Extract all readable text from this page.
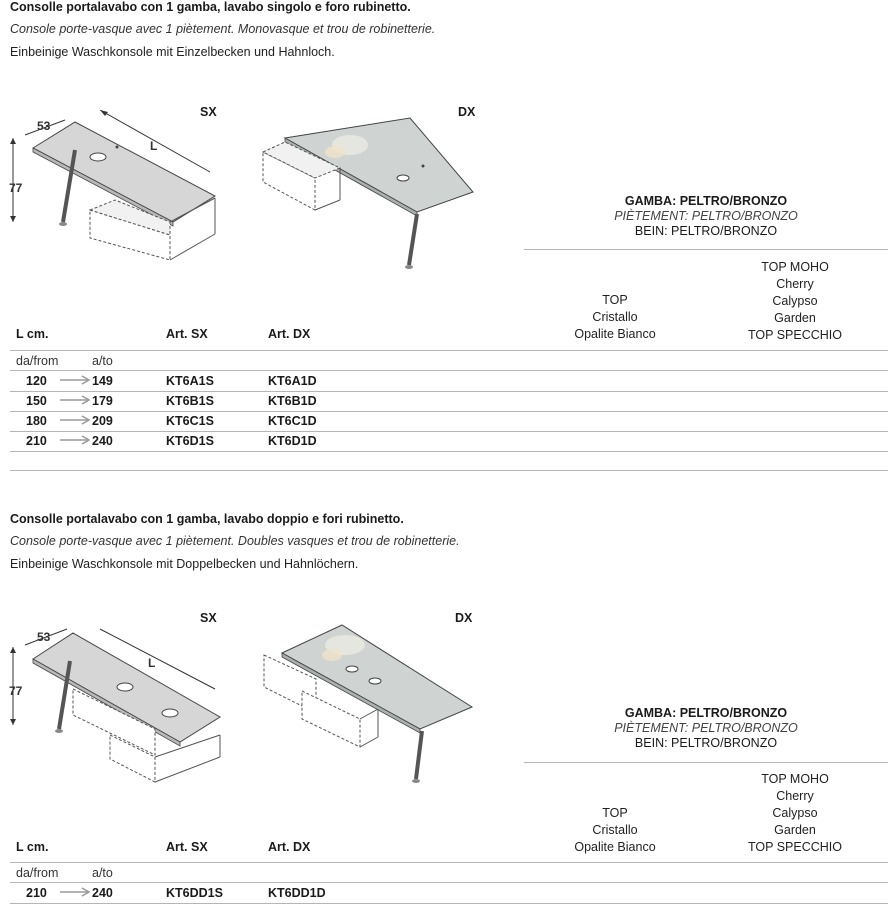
Consolle portalavabo con 1 gamba, lavabo singolo e foro rubinetto.
Console porte-vasque avec 1 piètement. Monovasque et trou de robinetterie.
Einbeinige Waschkonsole mit Einzelbecken und Hahnloch.
SX	DX
77
53
L
GAMBA: PELTRO/BRONZO
PIÈTEMENT: PELTRO/BRONZO
BEIN: PELTRO/BRONZO
TOP
Cristallo
Opalite Bianco
TOP MOHO
Cherry
Calypso
Garden
TOP SPECCHIO
L cm.	Art. SX	Art. DX
da/from	a/to
120	149	KT6A1S	KT6A1D
150	179	KT6B1S	KT6B1D
180	209	KT6C1S	KT6C1D
210	240	KT6D1S	KT6D1D
Consolle portalavabo con 1 gamba, lavabo doppio e fori rubinetto.
Console porte-vasque avec 1 piètement. Doubles vasques et trou de robinetterie.
Einbeinige Waschkonsole mit Doppelbecken und Hahnlöchern.
SX	DX
77
53
L
GAMBA: PELTRO/BRONZO
PIÈTEMENT: PELTRO/BRONZO
BEIN: PELTRO/BRONZO
TOP
Cristallo
Opalite Bianco
TOP MOHO
Cherry
Calypso
Garden
TOP SPECCHIO
L cm.	Art. SX	Art. DX
da/from	a/to
210	240	KT6DD1S	KT6DD1D
